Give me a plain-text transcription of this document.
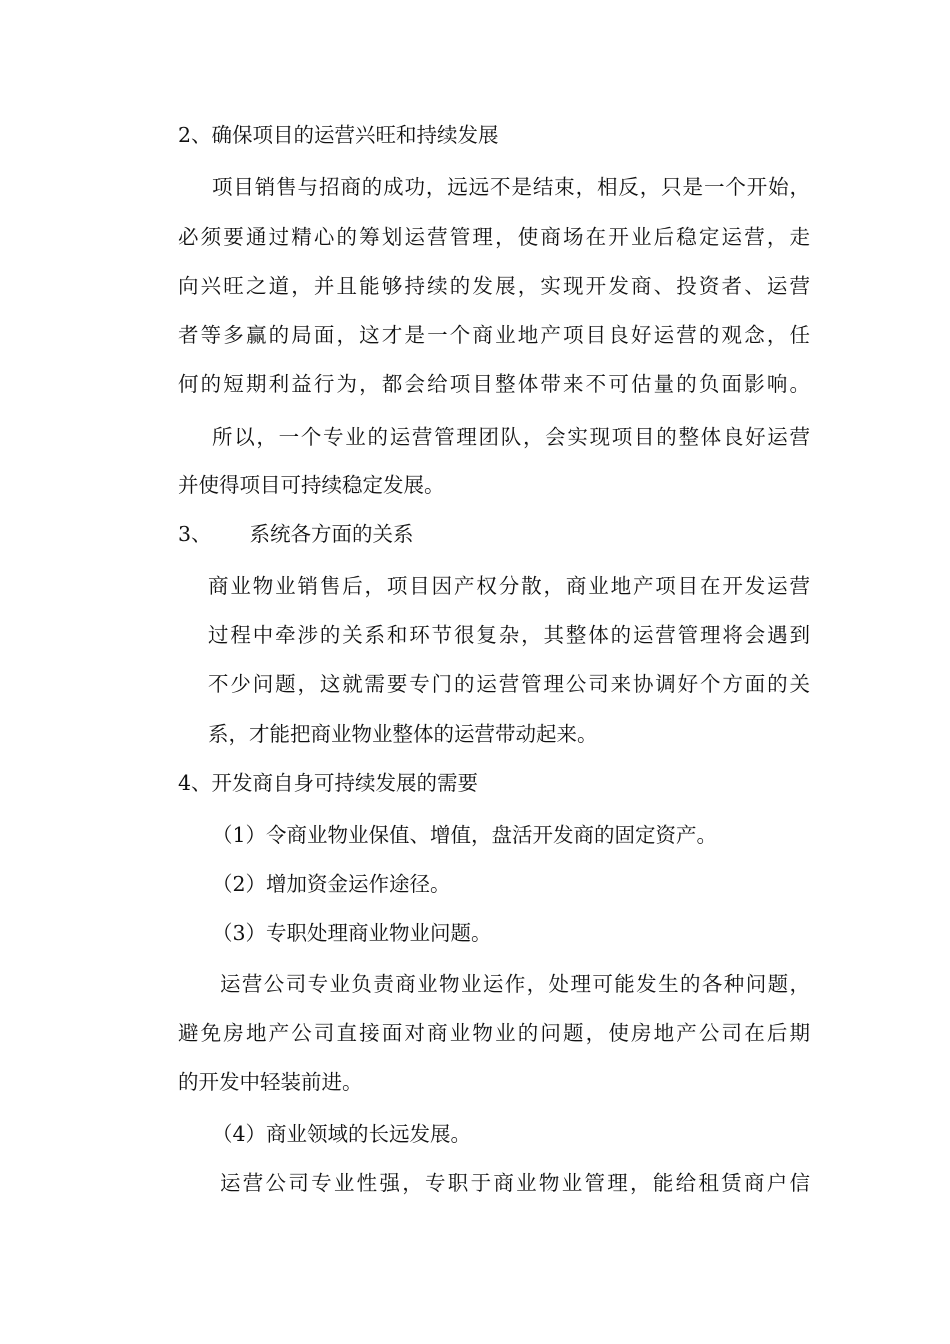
2、确保项目的运营兴旺和持续发展
项目销售与招商的成功，远远不是结束，相反，只是一个开始，
必须要通过精心的筹划运营管理，使商场在开业后稳定运营，走
向兴旺之道，并且能够持续的发展，实现开发商、投资者、运营
者等多赢的局面，这才是一个商业地产项目良好运营的观念，任
何的短期利益行为，都会给项目整体带来不可估量的负面影响。
所以，一个专业的运营管理团队，会实现项目的整体良好运营
并使得项目可持续稳定发展。
3、 系统各方面的关系
商业物业销售后，项目因产权分散，商业地产项目在开发运营
过程中牵涉的关系和环节很复杂，其整体的运营管理将会遇到
不少问题，这就需要专门的运营管理公司来协调好个方面的关
系，才能把商业物业整体的运营带动起来。
4、开发商自身可持续发展的需要
（1）令商业物业保值、增值，盘活开发商的固定资产。
（2）增加资金运作途径。
（3）专职处理商业物业问题。
运营公司专业负责商业物业运作，处理可能发生的各种问题，
避免房地产公司直接面对商业物业的问题，使房地产公司在后期
的开发中轻装前进。
（4）商业领域的长远发展。
运营公司专业性强，专职于商业物业管理，能给租赁商户信
